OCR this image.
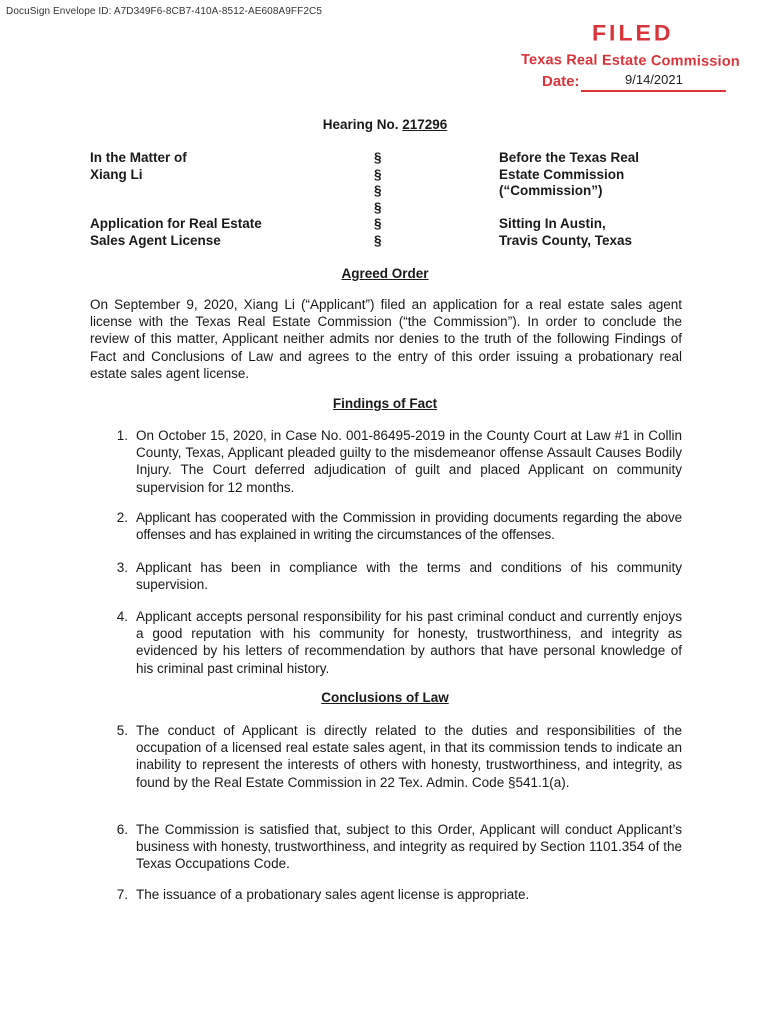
DocuSign Envelope ID: A7D349F6-8CB7-410A-8512-AE608A9FF2C5
FILED
Texas Real Estate Commission
Date:	9/14/2021
Hearing No. 217296
In the Matter of
Xiang Li
Application for Real Estate
Sales Agent License
§
§
§
§
§
§
Before the Texas Real
Estate Commission
(“Commission”)
Sitting In Austin,
Travis County, Texas
Agreed Order
On September 9, 2020, Xiang Li (“Applicant”) filed an application for a real estate sales agent license with the Texas Real Estate Commission (“the Commission”). In order to conclude the review of this matter, Applicant neither admits nor denies to the truth of the following Findings of Fact and Conclusions of Law and agrees to the entry of this order issuing a probationary real estate sales agent license.
Findings of Fact
1. On October 15, 2020, in Case No. 001-86495-2019 in the County Court at Law #1 in Collin County, Texas, Applicant pleaded guilty to the misdemeanor offense Assault Causes Bodily Injury. The Court deferred adjudication of guilt and placed Applicant on community supervision for 12 months.
2. Applicant has cooperated with the Commission in providing documents regarding the above offenses and has explained in writing the circumstances of the offenses.
3. Applicant has been in compliance with the terms and conditions of his community supervision.
4. Applicant accepts personal responsibility for his past criminal conduct and currently enjoys a good reputation with his community for honesty, trustworthiness, and integrity as evidenced by his letters of recommendation by authors that have personal knowledge of his criminal past criminal history.
Conclusions of Law
5. The conduct of Applicant is directly related to the duties and responsibilities of the occupation of a licensed real estate sales agent, in that its commission tends to indicate an inability to represent the interests of others with honesty, trustworthiness, and integrity, as found by the Real Estate Commission in 22 Tex. Admin. Code §541.1(a).
6. The Commission is satisfied that, subject to this Order, Applicant will conduct Applicant’s business with honesty, trustworthiness, and integrity as required by Section 1101.354 of the Texas Occupations Code.
7. The issuance of a probationary sales agent license is appropriate.
